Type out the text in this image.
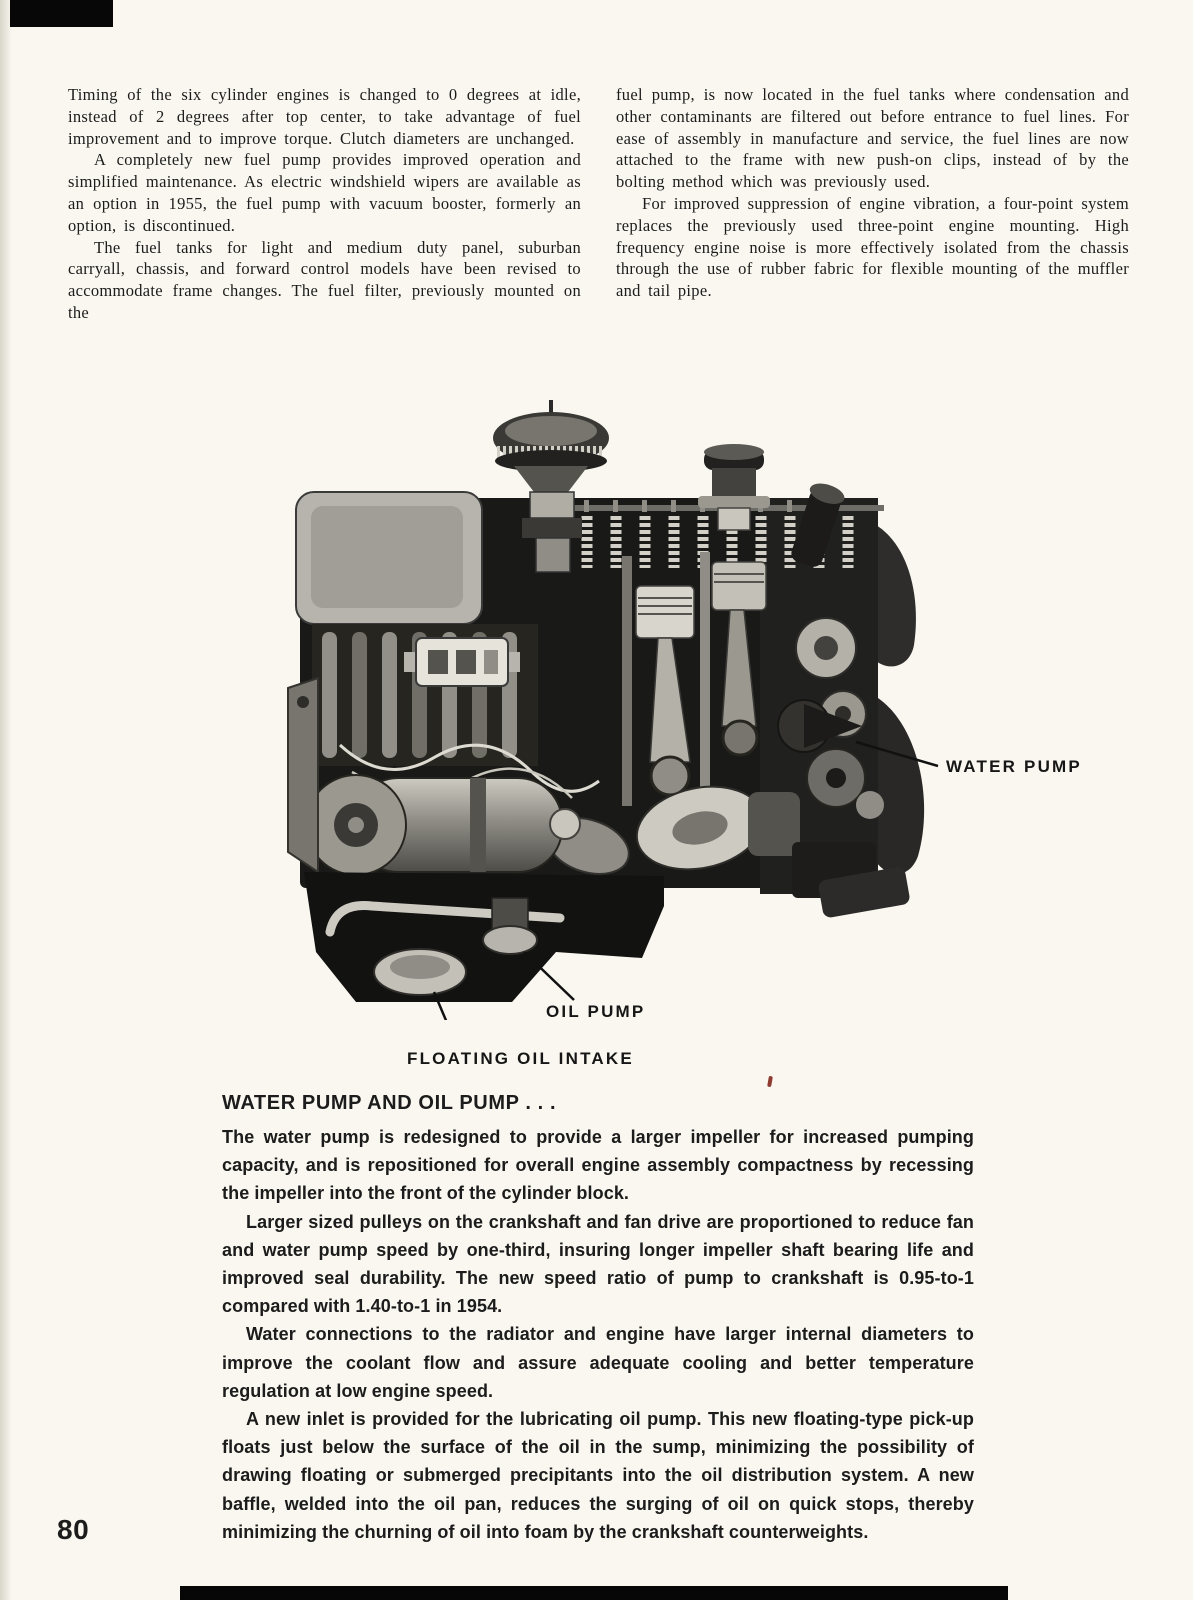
Timing of the six cylinder engines is changed to 0 degrees at idle, instead of 2 degrees after top center, to take advantage of fuel improvement and to improve torque. Clutch diameters are unchanged.

A completely new fuel pump provides improved operation and simplified maintenance. As electric windshield wipers are available as an option in 1955, the fuel pump with vacuum booster, formerly an option, is discontinued.

The fuel tanks for light and medium duty panel, suburban carryall, chassis, and forward control models have been revised to accommodate frame changes. The fuel filter, previously mounted on the

fuel pump, is now located in the fuel tanks where condensation and other contaminants are filtered out before entrance to fuel lines. For ease of assembly in manufacture and service, the fuel lines are now attached to the frame with new push-on clips, instead of by the bolting method which was previously used.

For improved suppression of engine vibration, a four-point system replaces the previously used three-point engine mounting. High frequency engine noise is more effectively isolated from the chassis through the use of rubber fabric for flexible mounting of the muffler and tail pipe.

WATER PUMP
OIL PUMP
FLOATING OIL INTAKE
WATER PUMP AND OIL PUMP . . .

The water pump is redesigned to provide a larger impeller for increased pumping capacity, and is repositioned for overall engine assembly compactness by recessing the impeller into the front of the cylinder block.

Larger sized pulleys on the crankshaft and fan drive are proportioned to reduce fan and water pump speed by one-third, insuring longer impeller shaft bearing life and improved seal durability. The new speed ratio of pump to crankshaft is 0.95-to-1 compared with 1.40-to-1 in 1954.

Water connections to the radiator and engine have larger internal diameters to improve the coolant flow and assure adequate cooling and better temperature regulation at low engine speed.

A new inlet is provided for the lubricating oil pump. This new floating-type pick-up floats just below the surface of the oil in the sump, minimizing the possibility of drawing floating or submerged precipitants into the oil distribution system. A new baffle, welded into the oil pan, reduces the surging of oil on quick stops, thereby minimizing the churning of oil into foam by the crankshaft counterweights.

80
